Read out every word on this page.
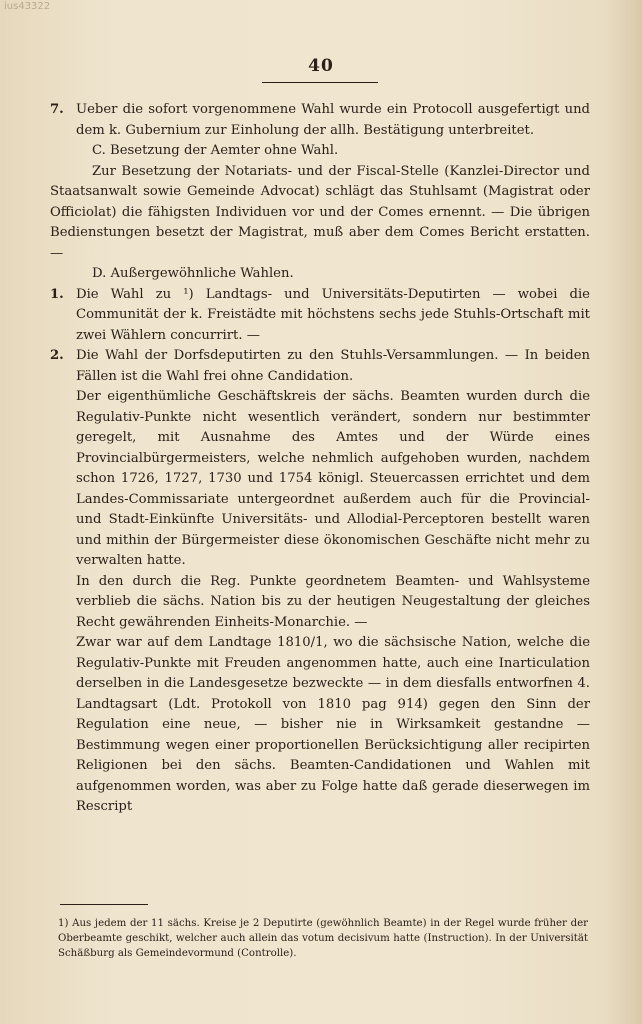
ius43322
40
7. Ueber die sofort vorgenommene Wahl wurde ein Protocoll ausgefertigt und dem k. Gubernium zur Einholung der allh. Bestätigung unterbreitet.

C. Besetzung der Aemter ohne Wahl.

Zur Besetzung der Notariats- und der Fiscal-Stelle (Kanzlei-Director und Staatsanwalt sowie Gemeinde Advocat) schlägt das Stuhlsamt (Magistrat oder Officiolat) die fähigsten Individuen vor und der Comes ernennt. — Die übrigen Bedienstungen besetzt der Magistrat, muß aber dem Comes Bericht erstatten. —

D. Außergewöhnliche Wahlen.

1. Die Wahl zu ¹) Landtags- und Universitäts-Deputirten — wobei die Communität der k. Freistädte mit höchstens sechs jede Stuhls-Ortschaft mit zwei Wählern concurrirt. —
2. Die Wahl der Dorfsdeputirten zu den Stuhls-Versammlungen. — In beiden Fällen ist die Wahl frei ohne Candidation.

Der eigenthümliche Geschäftskreis der sächs. Beamten wurden durch die Regulativ-Punkte nicht wesentlich verändert, sondern nur bestimmter geregelt, mit Ausnahme des Amtes und der Würde eines Provincialbürgermeisters, welche nehmlich aufgehoben wurden, nachdem schon 1726, 1727, 1730 und 1754 königl. Steuercassen errichtet und dem Landes-Commissariate untergeordnet außerdem auch für die Provincial- und Stadt-Einkünfte Universitäts- und Allodial-Perceptoren bestellt waren und mithin der Bürgermeister diese ökonomischen Geschäfte nicht mehr zu verwalten hatte.

In den durch die Reg. Punkte geordnetem Beamten- und Wahlsysteme verblieb die sächs. Nation bis zu der heutigen Neugestaltung der gleiches Recht gewährenden Einheits-Monarchie. —

Zwar war auf dem Landtage 1810/1, wo die sächsische Nation, welche die Regulativ-Punkte mit Freuden angenommen hatte, auch eine Inarticulation derselben in die Landesgesetze bezweckte — in dem diesfalls entworfnen 4. Landtagsart (Ldt. Protokoll von 1810 pag 914) gegen den Sinn der Regulation eine neue, — bisher nie in Wirksamkeit gestandne — Bestimmung wegen einer proportionellen Berücksichtigung aller recipirten Religionen bei den sächs. Beamten-Candidationen und Wahlen mit aufgenommen worden, was aber zu Folge hatte daß gerade dieserwegen im Rescript

1) Aus jedem der 11 sächs. Kreise je 2 Deputirte (gewöhnlich Beamte) in der Regel wurde früher der Oberbeamte geschikt, welcher auch allein das votum decisivum hatte (Instruction). In der Universität Schäßburg als Gemeindevormund (Controlle).
